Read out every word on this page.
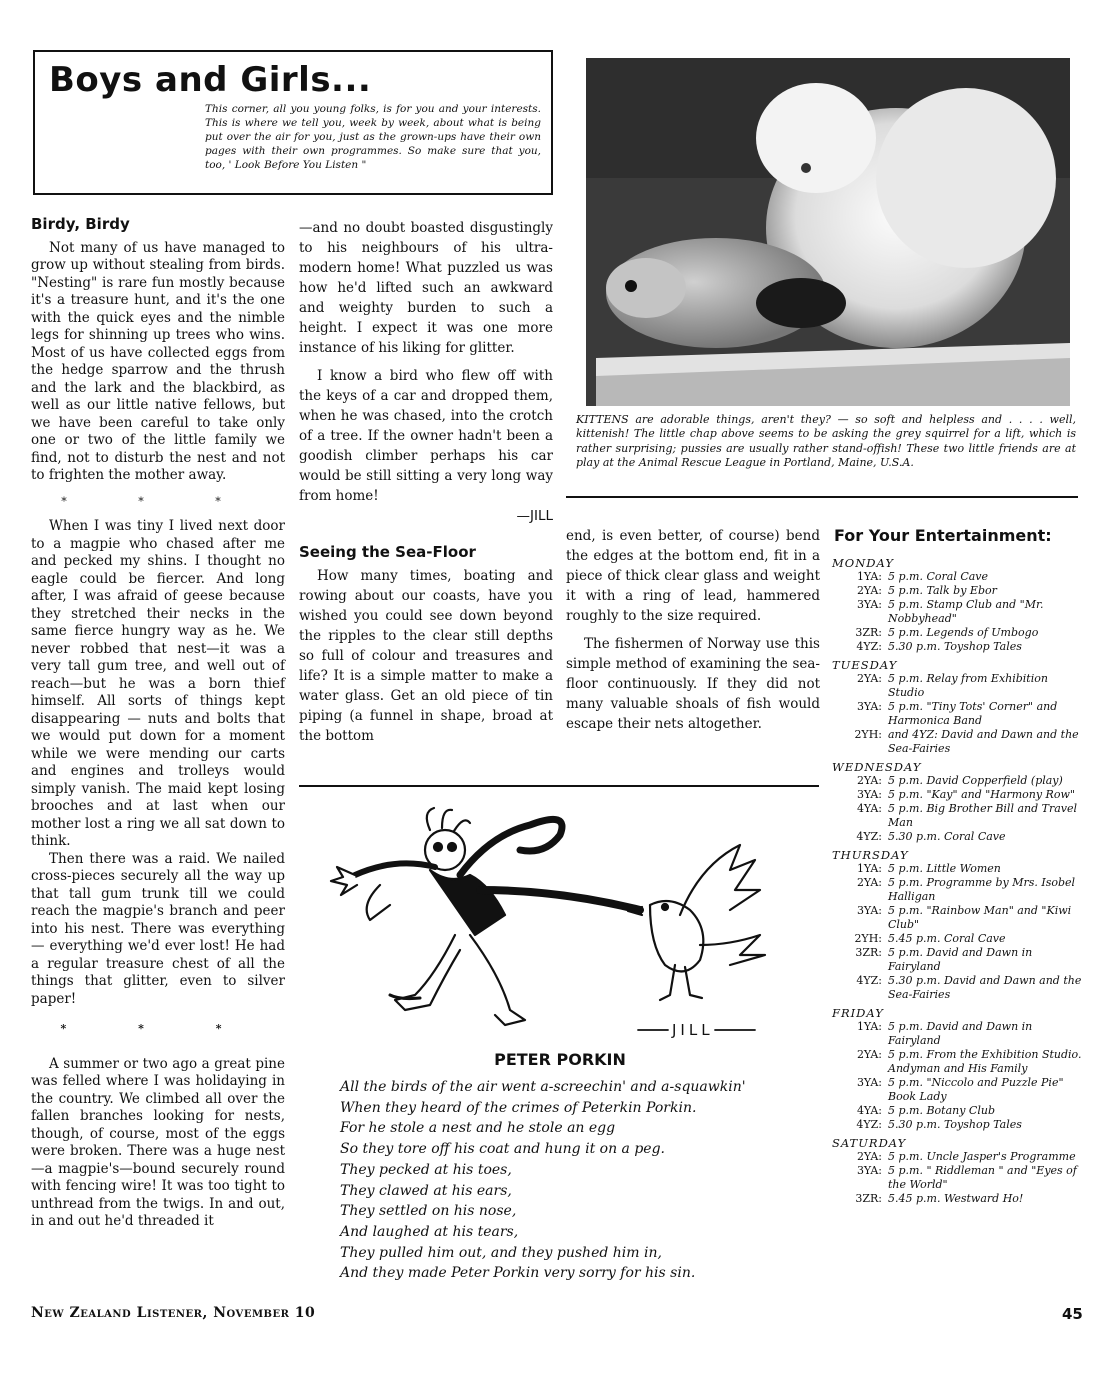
Boys and Girls...
This corner, all you young folks, is for you and your interests. This is where we tell you, week by week, about what is being put over the air for you, just as the grown-ups have their own pages with their own programmes. So make sure that you, too, ' Look Before You Listen "
KITTENS are adorable things, aren't they? — so soft and helpless and . . . . well, kittenish! The little chap above seems to be asking the grey squirrel for a lift, which is rather surprising; pussies are usually rather stand-offish! These two little friends are at play at the Animal Rescue League in Portland, Maine, U.S.A.
Birdy, Birdy

Not many of us have managed to grow up without stealing from birds. "Nesting" is rare fun mostly because it's a treasure hunt, and it's the one with the quick eyes and the nimble legs for shinning up trees who wins. Most of us have collected eggs from the hedge sparrow and the thrush and the lark and the blackbird, as well as our little native fellows, but we have been careful to take only one or two of the little family we find, not to disturb the nest and not to frighten the mother away.

* * *

When I was tiny I lived next door to a magpie who chased after me and pecked my shins. I thought no eagle could be fiercer. And long after, I was afraid of geese because they stretched their necks in the same fierce hungry way as he. We never robbed that nest—it was a very tall gum tree, and well out of reach—but he was a born thief himself. All sorts of things kept disappearing — nuts and bolts that we would put down for a moment while we were mending our carts and engines and trolleys would simply vanish. The maid kept losing brooches and at last when our mother lost a ring we all sat down to think.

Then there was a raid. We nailed cross-pieces securely all the way up that tall gum trunk till we could reach the magpie's branch and peer into his nest. There was everything — everything we'd ever lost! He had a regular treasure chest of all the things that glitter, even to silver paper!

* * *

A summer or two ago a great pine was felled where I was holidaying in the country. We climbed all over the fallen branches looking for nests, though, of course, most of the eggs were broken. There was a huge nest—a magpie's—bound securely round with fencing wire! It was too tight to unthread from the twigs. In and out, in and out he'd threaded it

—and no doubt boasted disgustingly to his neighbours of his ultra-modern home! What puzzled us was how he'd lifted such an awkward and weighty burden to such a height. I expect it was one more instance of his liking for glitter.

I know a bird who flew off with the keys of a car and dropped them, when he was chased, into the crotch of a tree. If the owner hadn't been a goodish climber perhaps his car would be still sitting a very long way from home!

—JILL
Seeing the Sea-Floor

How many times, boating and rowing about our coasts, have you wished you could see down beyond the ripples to the clear still depths so full of colour and treasures and life? It is a simple matter to make a water glass. Get an old piece of tin piping (a funnel in shape, broad at the bottom

end, is even better, of course) bend the edges at the bottom end, fit in a piece of thick clear glass and weight it with a ring of lead, hammered roughly to the size required.

The fishermen of Norway use this simple method of examining the sea-floor continuously. If they did not many valuable shoals of fish would escape their nets altogether.

JILL
PETER PORKIN
All the birds of the air went a-screechin' and a-squawkin'
When they heard of the crimes of Peterkin Porkin.
For he stole a nest and he stole an egg
So they tore off his coat and hung it on a peg.
They pecked at his toes,
They clawed at his ears,
They settled on his nose,
And laughed at his tears,
They pulled him out, and they pushed him in,
And they made Peter Porkin very sorry for his sin.
For Your Entertainment:
MONDAY
1YA: 5 p.m. Coral Cave
2YA: 5 p.m. Talk by Ebor
3YA: 5 p.m. Stamp Club and "Mr. Nobbyhead"
3ZR: 5 p.m. Legends of Umbogo
4YZ: 5.30 p.m. Toyshop Tales
TUESDAY
2YA: 5 p.m. Relay from Exhibition Studio
3YA: 5 p.m. "Tiny Tots' Corner" and Harmonica Band
2YH: and 4YZ: David and Dawn and the Sea-Fairies
WEDNESDAY
2YA: 5 p.m. David Copperfield (play)
3YA: 5 p.m. "Kay" and "Harmony Row"
4YA: 5 p.m. Big Brother Bill and Travel Man
4YZ: 5.30 p.m. Coral Cave
THURSDAY
1YA: 5 p.m. Little Women
2YA: 5 p.m. Programme by Mrs. Isobel Halligan
3YA: 5 p.m. "Rainbow Man" and "Kiwi Club"
2YH: 5.45 p.m. Coral Cave
3ZR: 5 p.m. David and Dawn in Fairyland
4YZ: 5.30 p.m. David and Dawn and the Sea-Fairies
FRIDAY
1YA: 5 p.m. David and Dawn in Fairyland
2YA: 5 p.m. From the Exhibition Studio. Andyman and His Family
3YA: 5 p.m. "Niccolo and Puzzle Pie" Book Lady
4YA: 5 p.m. Botany Club
4YZ: 5.30 p.m. Toyshop Tales
SATURDAY
2YA: 5 p.m. Uncle Jasper's Programme
3YA: 5 p.m. " Riddleman " and "Eyes of the World"
3ZR: 5.45 p.m. Westward Ho!
New Zealand Listener, November 10	45
